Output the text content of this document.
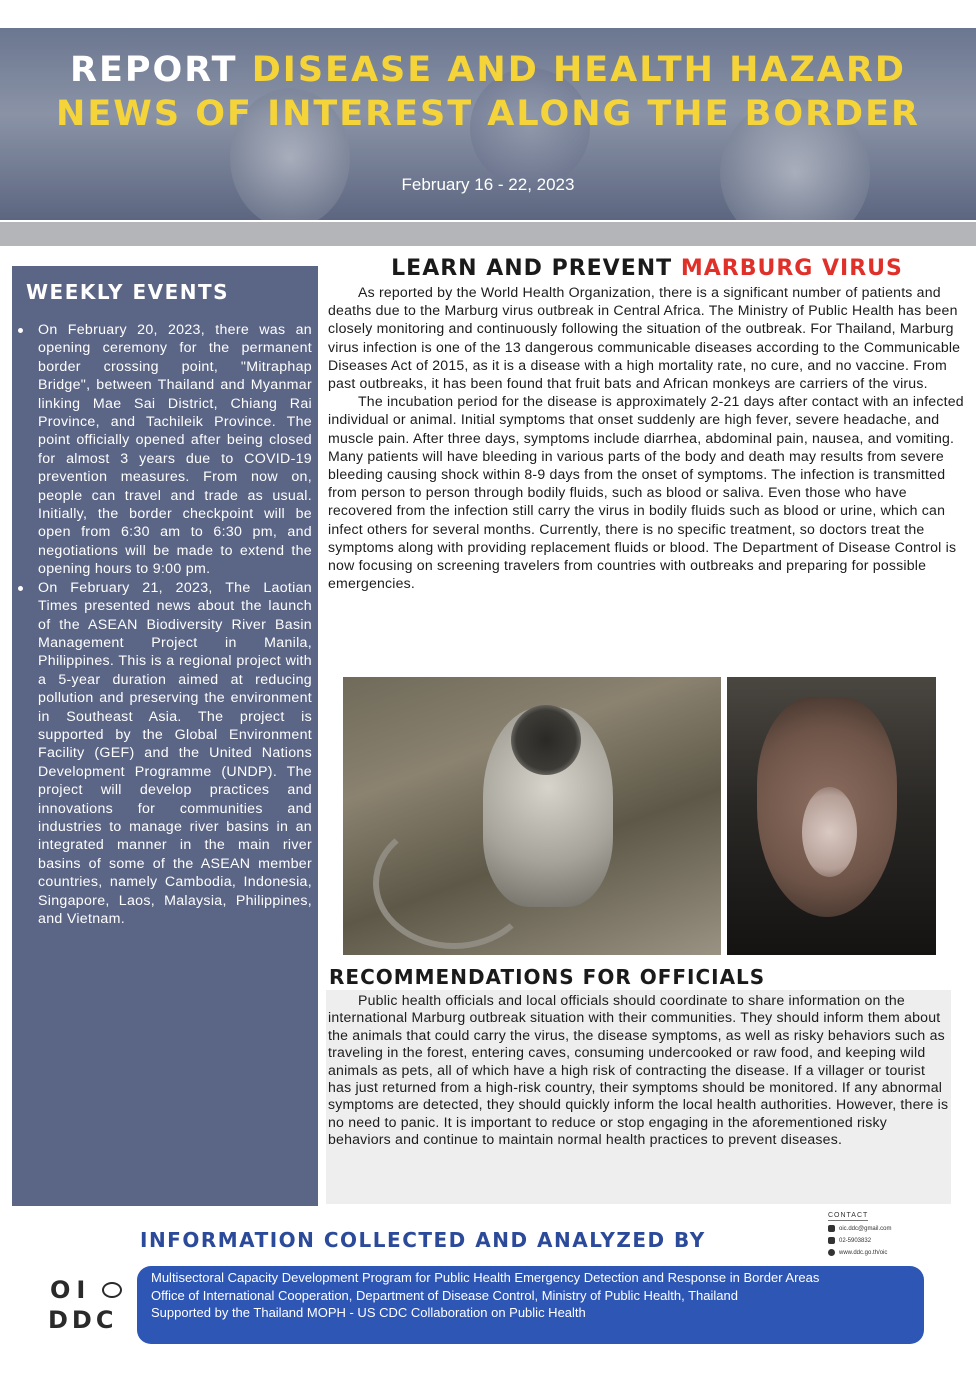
REPORT DISEASE AND HEALTH HAZARD
NEWS OF INTEREST ALONG THE BORDER
February 16 - 22, 2023
WEEKLY EVENTS
On February 20, 2023, there was an opening ceremony for the permanent border crossing point, "Mitraphap Bridge", between Thailand and Myanmar linking Mae Sai District, Chiang Rai Province, and Tachileik Province. The point officially opened after being closed for almost 3 years due to COVID-19 prevention measures. From now on, people can travel and trade as usual. Initially, the border checkpoint will be open from 6:30 am to 6:30 pm, and negotiations will be made to extend the opening hours to 9:00 pm.
On February 21, 2023, The Laotian Times presented news about the launch of the ASEAN Biodiversity River Basin Management Project in Manila, Philippines. This is a regional project with a 5-year duration aimed at reducing pollution and preserving the environment in Southeast Asia. The project is supported by the Global Environment Facility (GEF) and the United Nations Development Programme (UNDP). The project will develop practices and innovations for communities and industries to manage river basins in an integrated manner in the main river basins of some of the ASEAN member countries, namely Cambodia, Indonesia, Singapore, Laos, Malaysia, Philippines, and Vietnam.
LEARN AND PREVENT MARBURG VIRUS

As reported by the World Health Organization, there is a significant number of patients and deaths due to the Marburg virus outbreak in Central Africa. The Ministry of Public Health has been closely monitoring and continuously following the situation of the outbreak. For Thailand, Marburg virus infection is one of the 13 dangerous communicable diseases according to the Communicable Diseases Act of 2015, as it is a disease with a high mortality rate, no cure, and no vaccine. From past outbreaks, it has been found that fruit bats and African monkeys are carriers of the virus.

The incubation period for the disease is approximately 2-21 days after contact with an infected individual or animal. Initial symptoms that onset suddenly are high fever, severe headache, and muscle pain. After three days, symptoms include diarrhea, abdominal pain, nausea, and vomiting. Many patients will have bleeding in various parts of the body and death may results from severe bleeding causing shock within 8-9 days from the onset of symptoms. The infection is transmitted from person to person through bodily fluids, such as blood or saliva. Even those who have recovered from the infection still carry the virus in bodily fluids such as blood or urine, which can infect others for several months. Currently, there is no specific treatment, so doctors treat the symptoms along with providing replacement fluids or blood. The Department of Disease Control is now focusing on screening travelers from countries with outbreaks and preparing for possible emergencies.

RECOMMENDATIONS FOR OFFICIALS

Public health officials and local officials should coordinate to share information on the international Marburg outbreak situation with their communities. They should inform them about the animals that could carry the virus, the disease symptoms, as well as risky behaviors such as traveling in the forest, entering caves, consuming undercooked or raw food, and keeping wild animals as pets, all of which have a high risk of contracting the disease. If a villager or tourist has just returned from a high-risk country, their symptoms should be monitored. If any abnormal symptoms are detected, they should quickly inform the local health authorities. However, there is no need to panic. It is important to reduce or stop engaging in the aforementioned risky behaviors and continue to maintain normal health practices to prevent diseases.

CONTACT
oic.ddc@gmail.com
02-5903832
www.ddc.go.th/oic
INFORMATION COLLECTED AND ANALYZED BY
OI
DDC
Multisectoral Capacity Development Program for Public Health Emergency Detection and Response in Border Areas
Office of International Cooperation, Department of Disease Control, Ministry of Public Health, Thailand
Supported by the Thailand MOPH - US CDC Collaboration on Public Health
